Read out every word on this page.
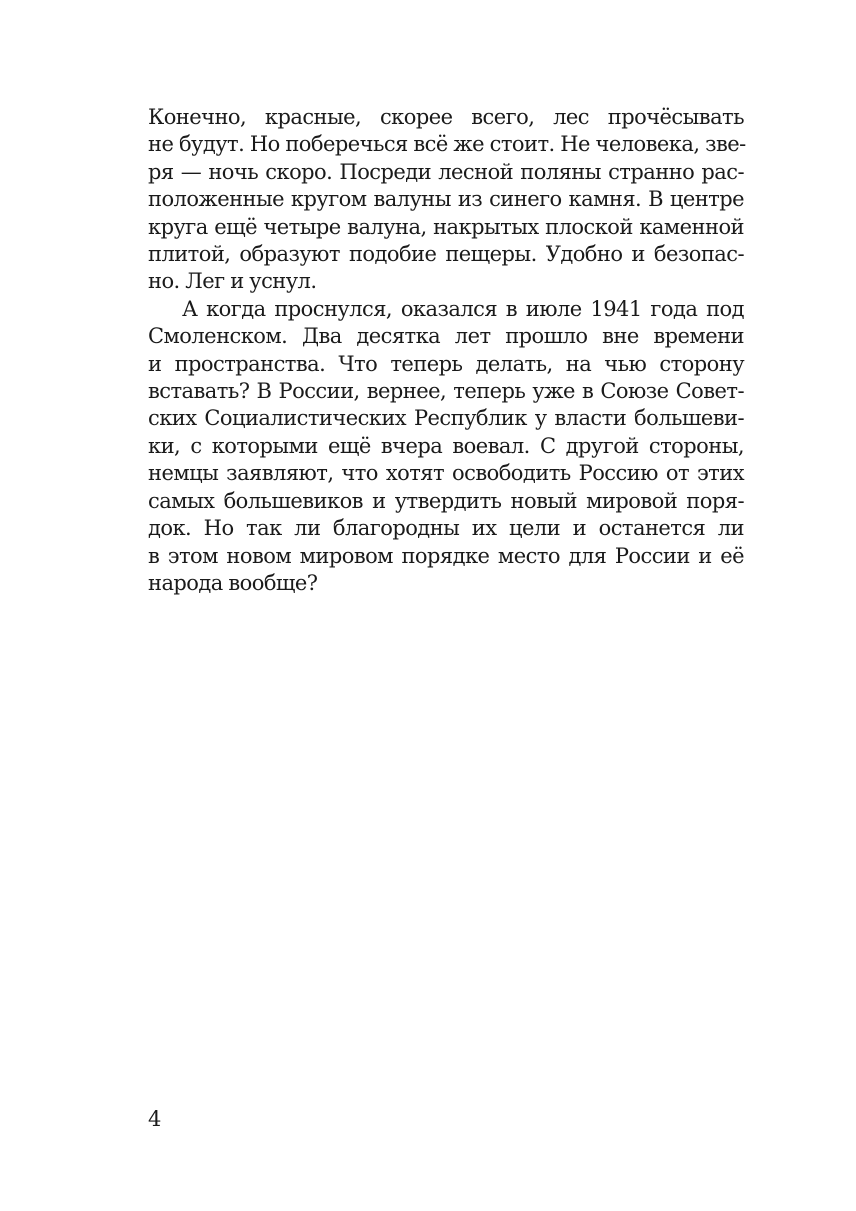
Конечно, красные, скорее всего, лес прочёсывать
не будут. Но поберечься всё же стоит. Не человека, зве-
ря — ночь скоро. Посреди лесной поляны странно рас-
положенные кругом валуны из синего камня. В центре
круга ещё четыре валуна, накрытых плоской каменной
плитой, образуют подобие пещеры. Удобно и безопас-
но. Лег и уснул.

А когда проснулся, оказался в июле 1941 года под
Смоленском. Два десятка лет прошло вне времени
и пространства. Что теперь делать, на чью сторону
вставать? В России, вернее, теперь уже в Союзе Совет-
ских Социалистических Республик у власти большеви-
ки, с которыми ещё вчера воевал. С другой стороны,
немцы заявляют, что хотят освободить Россию от этих
самых большевиков и утвердить новый мировой поря-
док. Но так ли благородны их цели и останется ли
в этом новом мировом порядке место для России и её
народа вообще?

4
